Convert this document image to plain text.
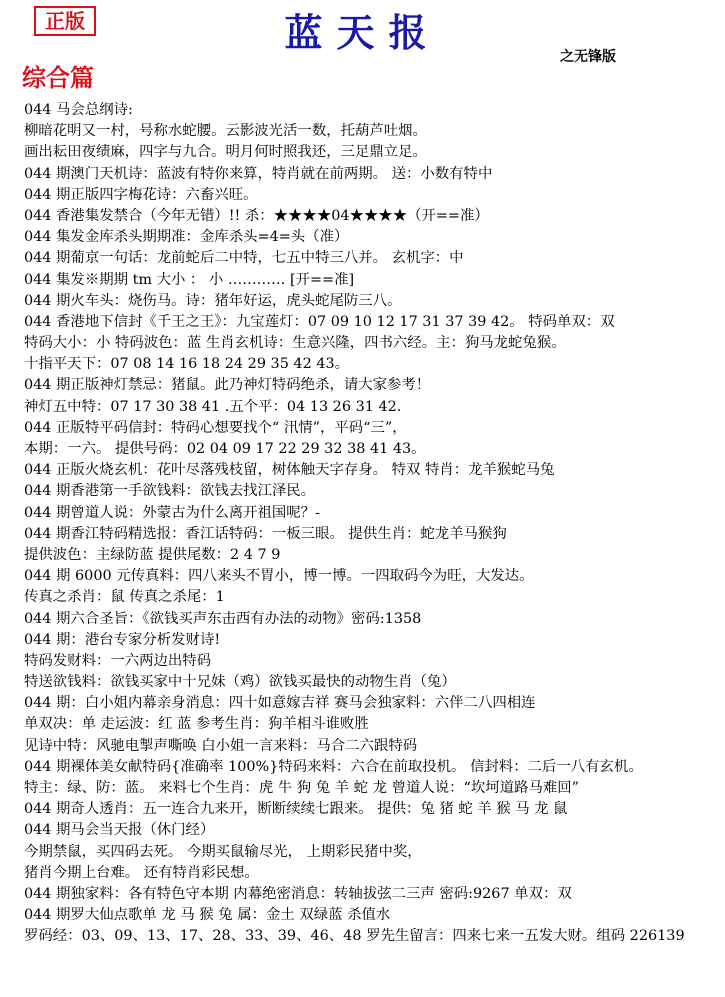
正版	蓝天报
之无锋版
综合篇
044 马会总纲诗:
柳暗花明又一村，号称水蛇腰。云影波光活一数，托葫芦吐烟。
画出耘田夜绩麻，四字与九合。明月何时照我还，三足鼎立足。
044 期澳门天机诗：蓝波有特你来算，特肖就在前两期。 送：小数有特中
044 期正版四字梅花诗：六畜兴旺。
044 香港集发禁合（今年无错）!! 杀：★★★★04★★★★（开==准）
044 集发金库杀头期期准：金库杀头=4=头（准）
044 期葡京一句话：龙前蛇后二中特，七五中特三八并。 玄机字：中
044 集发※期期 tm 大小 ： 小 ………… [开==准]
044 期火车头：烧伤马。诗：猪年好运，虎头蛇尾防三八。
044 香港地下信封《千王之王》：九宝莲灯：07 09 10 12 17 31 37 39 42。 特码单双：双
特码大小：小 特码波色：蓝 生肖玄机诗：生意兴隆，四书六经。主：狗马龙蛇兔猴。
十指平天下：07 08 14 16 18 24 29 35 42 43。
044 期正版神灯禁忌：猪鼠。此乃神灯特码绝杀，请大家参考！
神灯五中特：07 17 30 38 41 .五个平：04 13 26 31 42.
044 正版特平码信封：特码心想要找个“ 汛情”，平码“三”，
本期：一六。 提供号码：02 04 09 17 22 29 32 38 41 43。
044 正版火烧玄机：花叶尽落残枝留，树体触天字存身。 特双 特肖：龙羊猴蛇马兔
044 期香港第一手欲钱料：欲钱去找江泽民。
044 期曾道人说：外蒙古为什么离开祖国呢？-
044 期香江特码精选报：香江话特码：一板三眼。 提供生肖：蛇龙羊马猴狗
提供波色：主绿防蓝 提供尾数：2 4 7 9
044 期 6000 元传真料：四八来头不胃小，博一博。一四取码今为旺，大发达。
传真之杀肖：鼠 传真之杀尾：1
044 期六合圣旨：《欲钱买声东击西有办法的动物》密码:1358
044 期：港台专家分析发财诗!
特码发财料：一六两边出特码
特送欲钱料：欲钱买家中十兄妹（鸡）欲钱买最快的动物生肖（兔）
044 期：白小姐内幕亲身消息：四十如意嫁吉祥 赛马会独家料：六伴二八四相连
单双决：单 走运波：红 蓝 参考生肖：狗羊相斗谁败胜
见诗中特：风驰电掣声嘶唤 白小姐一言来料：马合二六跟特码
044 期裸体美女献特码{准确率 100%}特码来料：六合在前取投机。 信封料：二后一八有玄机。
特主：绿、防：蓝。 来料七个生肖：虎 牛 狗 兔 羊 蛇 龙 曾道人说：“坎坷道路马难回”
044 期奇人透肖：五一连合九来开，断断续续七跟来。 提供：兔 猪 蛇 羊 猴 马 龙 鼠
044 期马会当天报（休门经）
今期禁鼠，买四码去死。 今期买鼠输尽光， 上期彩民猪中奖，
猪肖今期上台难。 还有特肖彩民想。
044 期独家料：各有特色守本期 内幕绝密消息：转轴拔弦二三声 密码:9267 单双：双
044 期罗大仙点歌单 龙 马 猴 兔 属：金土 双绿蓝 杀值水
罗码经：03、09、13、17、28、33、39、46、48 罗先生留言：四来七来一五发大财。组码 226139
